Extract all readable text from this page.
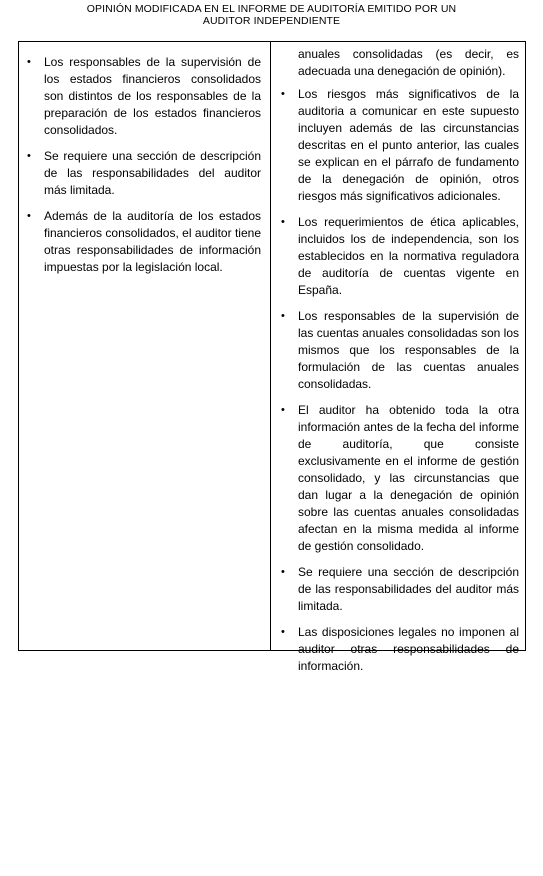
OPINIÓN MODIFICADA EN EL INFORME DE AUDITORÍA EMITIDO POR UN
AUDITOR INDEPENDIENTE
• Los responsables de la supervisión de los estados financieros consolidados son distintos de los responsables de la preparación de los estados financieros consolidados.
• Se requiere una sección de descripción de las responsabilidades del auditor más limitada.
• Además de la auditoría de los estados financieros consolidados, el auditor tiene otras responsabilidades de información impuestas por la legislación local.

anuales consolidadas (es decir, es adecuada una denegación de opinión).

• Los riesgos más significativos de la auditoria a comunicar en este supuesto incluyen además de las circunstancias descritas en el punto anterior, las cuales se explican en el párrafo de fundamento de la denegación de opinión, otros riesgos más significativos adicionales.
• Los requerimientos de ética aplicables, incluidos los de independencia, son los establecidos en la normativa reguladora de auditoría de cuentas vigente en España.
• Los responsables de la supervisión de las cuentas anuales consolidadas son los mismos que los responsables de la formulación de las cuentas anuales consolidadas.
• El auditor ha obtenido toda la otra información antes de la fecha del informe de auditoría, que consiste exclusivamente en el informe de gestión consolidado, y las circunstancias que dan lugar a la denegación de opinión sobre las cuentas anuales consolidadas afectan en la misma medida al informe de gestión consolidado.
• Se requiere una sección de descripción de las responsabilidades del auditor más limitada.
• Las disposiciones legales no imponen al auditor otras responsabilidades de información.
